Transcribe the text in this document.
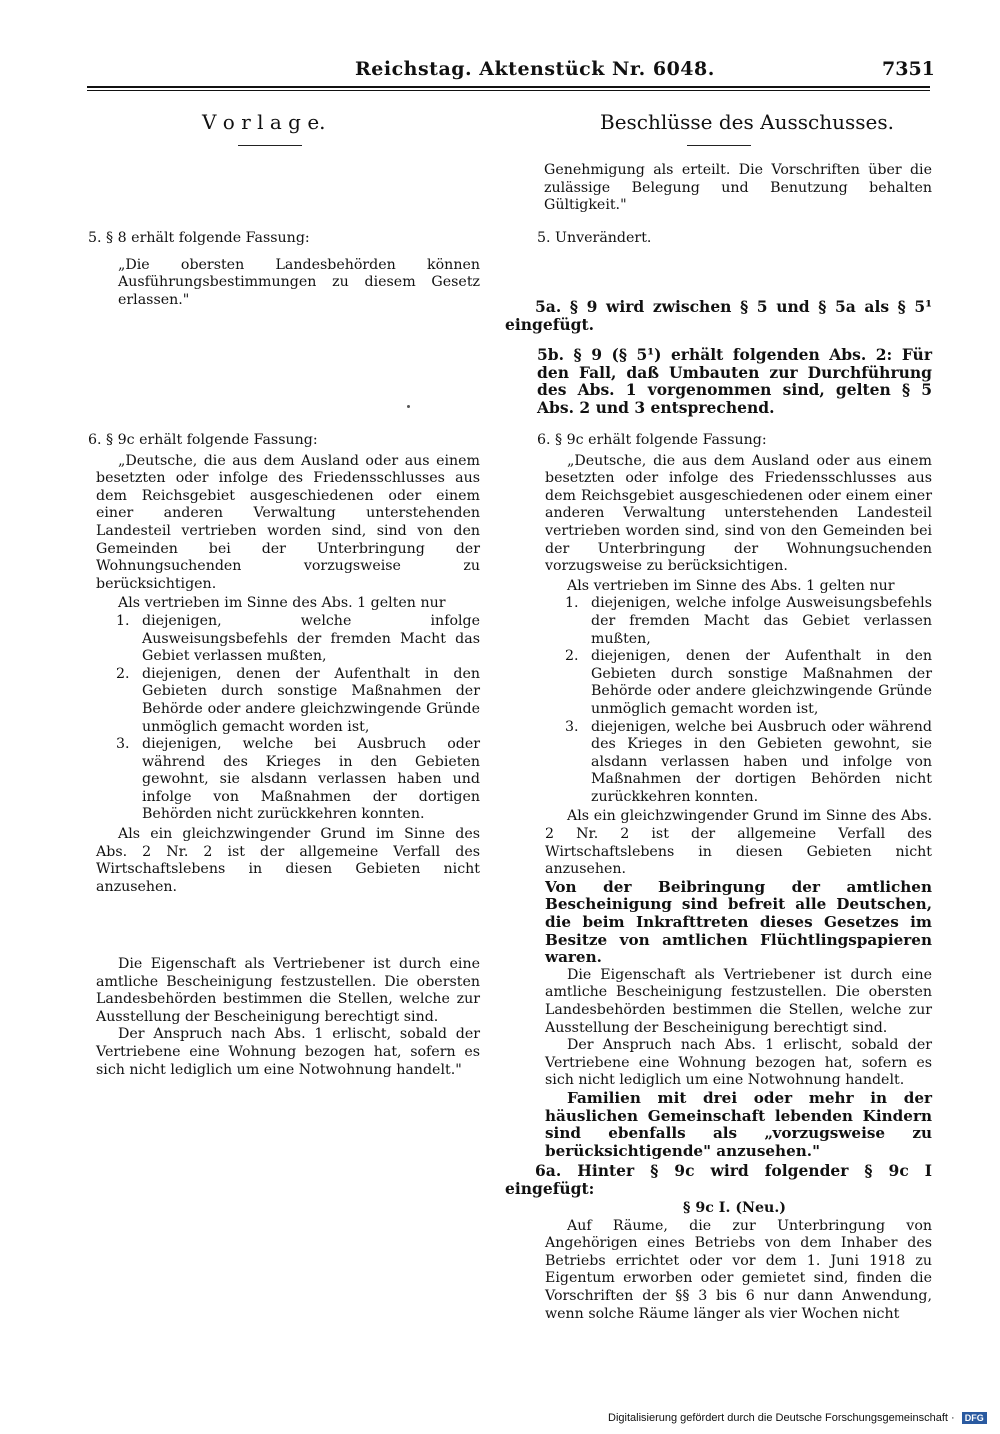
Reichstag. Aktenstück Nr. 6048.	7351
V o r l a g e.	Beschlüsse des Ausschusses.

5. § 8 erhält folgende Fassung:

„Die obersten Landesbehörden können Ausführungsbestimmungen zu diesem Gesetz erlassen."

6. § 9c erhält folgende Fassung:

„Deutsche, die aus dem Ausland oder aus einem besetzten oder infolge des Friedensschlusses aus dem Reichsgebiet ausgeschiedenen oder einem einer anderen Verwaltung unterstehenden Landesteil vertrieben worden sind, sind von den Gemeinden bei der Unterbringung der Wohnungsuchenden vorzugsweise zu berücksichtigen.

Als vertrieben im Sinne des Abs. 1 gelten nur

1. diejenigen, welche infolge Ausweisungsbefehls der fremden Macht das Gebiet verlassen mußten,
2. diejenigen, denen der Aufenthalt in den Gebieten durch sonstige Maßnahmen der Behörde oder andere gleichzwingende Gründe unmöglich gemacht worden ist,
3. diejenigen, welche bei Ausbruch oder während des Krieges in den Gebieten gewohnt, sie alsdann verlassen haben und infolge von Maßnahmen der dortigen Behörden nicht zurückkehren konnten.

Als ein gleichzwingender Grund im Sinne des Abs. 2 Nr. 2 ist der allgemeine Verfall des Wirtschaftslebens in diesen Gebieten nicht anzusehen.

Die Eigenschaft als Vertriebener ist durch eine amtliche Bescheinigung festzustellen. Die obersten Landesbehörden bestimmen die Stellen, welche zur Ausstellung der Bescheinigung berechtigt sind.

Der Anspruch nach Abs. 1 erlischt, sobald der Vertriebene eine Wohnung bezogen hat, sofern es sich nicht lediglich um eine Notwohnung handelt."

Genehmigung als erteilt. Die Vorschriften über die zulässige Belegung und Benutzung behalten Gültigkeit."

5. Unverändert.

5a. § 9 wird zwischen § 5 und § 5a als § 5¹ eingefügt.

5b. § 9 (§ 5¹) erhält folgenden Abs. 2: Für den Fall, daß Umbauten zur Durchführung des Abs. 1 vorgenommen sind, gelten § 5 Abs. 2 und 3 entsprechend.

6. § 9c erhält folgende Fassung:

„Deutsche, die aus dem Ausland oder aus einem besetzten oder infolge des Friedensschlusses aus dem Reichsgebiet ausgeschiedenen oder einem einer anderen Verwaltung unterstehenden Landesteil vertrieben worden sind, sind von den Gemeinden bei der Unterbringung der Wohnungsuchenden vorzugsweise zu berücksichtigen.

Als vertrieben im Sinne des Abs. 1 gelten nur

1. diejenigen, welche infolge Ausweisungsbefehls der fremden Macht das Gebiet verlassen mußten,
2. diejenigen, denen der Aufenthalt in den Gebieten durch sonstige Maßnahmen der Behörde oder andere gleichzwingende Gründe unmöglich gemacht worden ist,
3. diejenigen, welche bei Ausbruch oder während des Krieges in den Gebieten gewohnt, sie alsdann verlassen haben und infolge von Maßnahmen der dortigen Behörden nicht zurückkehren konnten.

Als ein gleichzwingender Grund im Sinne des Abs. 2 Nr. 2 ist der allgemeine Verfall des Wirtschaftslebens in diesen Gebieten nicht anzusehen.

Von der Beibringung der amtlichen Bescheinigung sind befreit alle Deutschen, die beim Inkrafttreten dieses Gesetzes im Besitze von amtlichen Flüchtlingspapieren waren.

Die Eigenschaft als Vertriebener ist durch eine amtliche Bescheinigung festzustellen. Die obersten Landesbehörden bestimmen die Stellen, welche zur Ausstellung der Bescheinigung berechtigt sind.

Der Anspruch nach Abs. 1 erlischt, sobald der Vertriebene eine Wohnung bezogen hat, sofern es sich nicht lediglich um eine Notwohnung handelt.

Familien mit drei oder mehr in der häuslichen Gemeinschaft lebenden Kindern sind ebenfalls als „vorzugsweise zu berücksichtigende" anzusehen."

6a. Hinter § 9c wird folgender § 9c I eingefügt:

§ 9c I. (Neu.)

Auf Räume, die zur Unterbringung von Angehörigen eines Betriebs von dem Inhaber des Betriebs errichtet oder vor dem 1. Juni 1918 zu Eigentum erworben oder gemietet sind, finden die Vorschriften der §§ 3 bis 6 nur dann Anwendung, wenn solche Räume länger als vier Wochen nicht

Digitalisierung gefördert durch die Deutsche Forschungsgemeinschaft · DFG
